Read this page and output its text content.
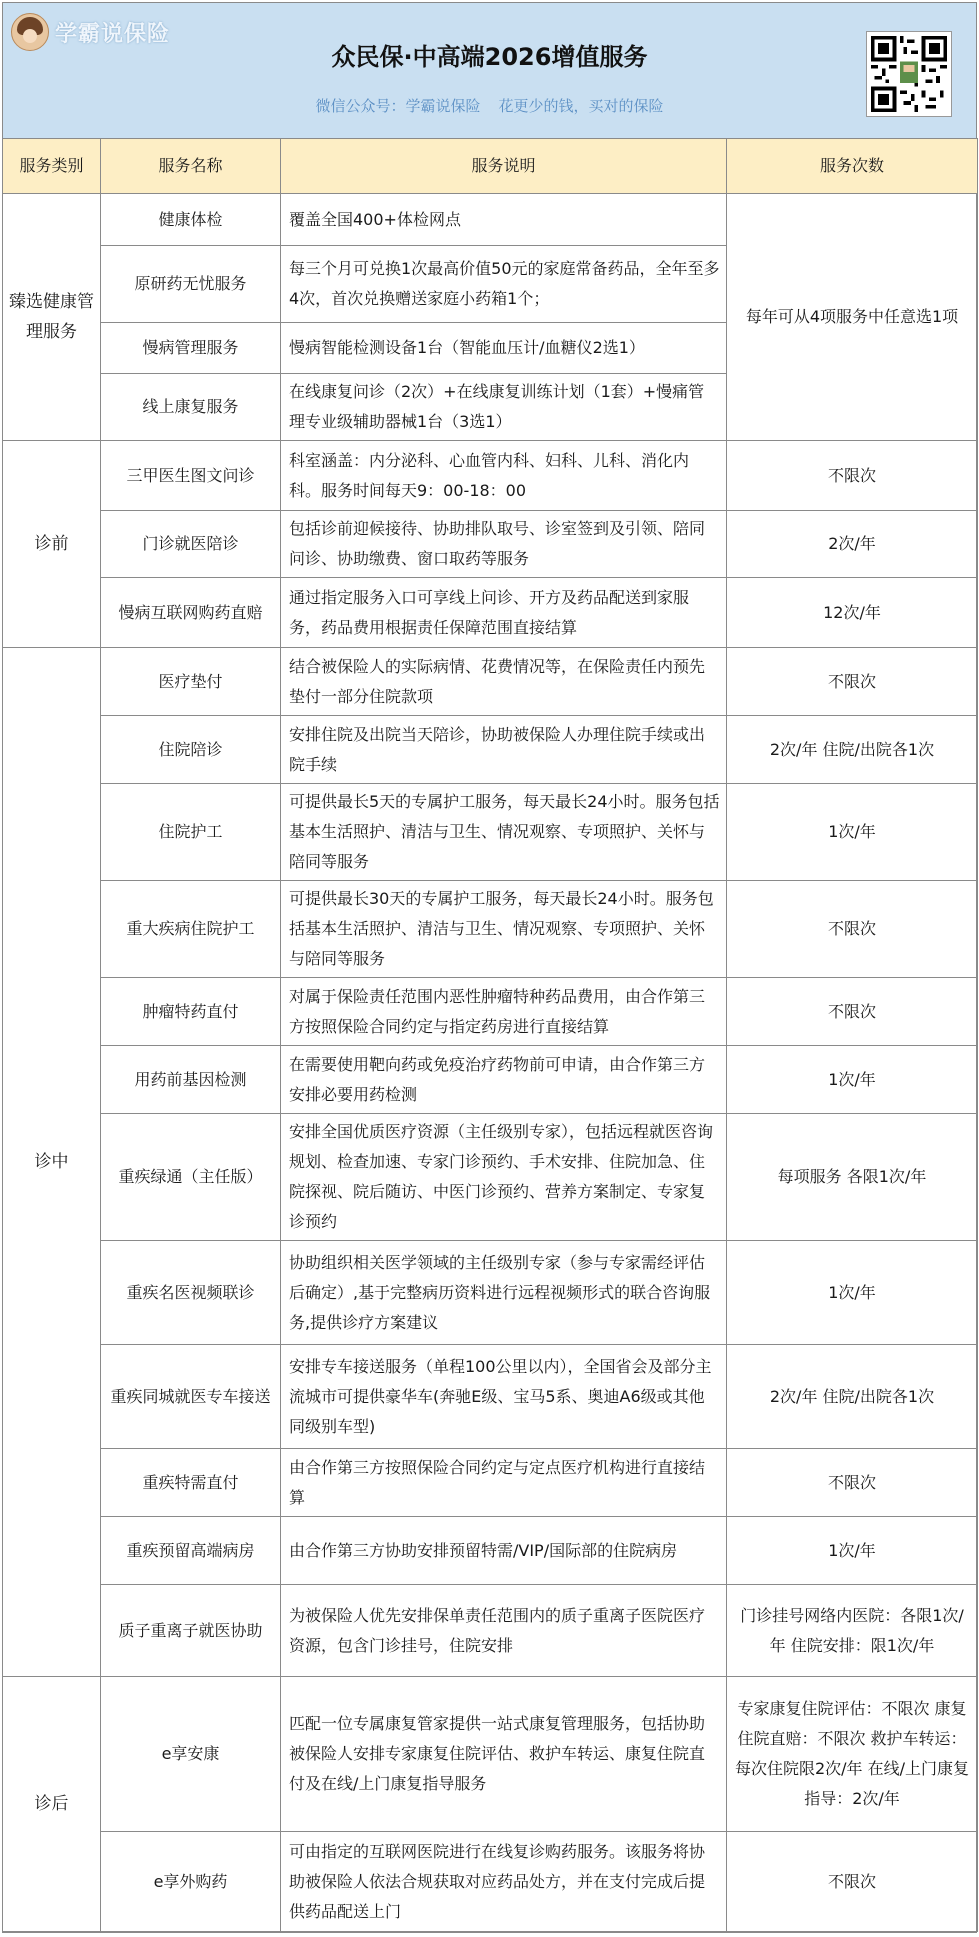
学霸说保险
众民保·中高端2026增值服务
微信公众号：学霸说保险 花更少的钱，买对的保险
服务类别	服务名称	服务说明	服务次数
臻选健康管理服务	健康体检	覆盖全国400+体检网点	每年可从4项服务中任意选1项
	原研药无忧服务	每三个月可兑换1次最高价值50元的家庭常备药品，全年至多4次，首次兑换赠送家庭小药箱1个；	
	慢病管理服务	慢病智能检测设备1台（智能血压计/血糖仪2选1）	
	线上康复服务	在线康复问诊（2次）+在线康复训练计划（1套）+慢痛管理专业级辅助器械1台（3选1）	
诊前	三甲医生图文问诊	科室涵盖：内分泌科、心血管内科、妇科、儿科、消化内科。服务时间每天9：00-18：00	不限次
	门诊就医陪诊	包括诊前迎候接待、协助排队取号、诊室签到及引领、陪同问诊、协助缴费、窗口取药等服务	2次/年
	慢病互联网购药直赔	通过指定服务入口可享线上问诊、开方及药品配送到家服务，药品费用根据责任保障范围直接结算	12次/年
诊中	医疗垫付	结合被保险人的实际病情、花费情况等，在保险责任内预先垫付一部分住院款项	不限次
	住院陪诊	安排住院及出院当天陪诊，协助被保险人办理住院手续或出院手续	2次/年 住院/出院各1次
	住院护工	可提供最长5天的专属护工服务，每天最长24小时。服务包括基本生活照护、清洁与卫生、情况观察、专项照护、关怀与陪同等服务	1次/年
	重大疾病住院护工	可提供最长30天的专属护工服务，每天最长24小时。服务包括基本生活照护、清洁与卫生、情况观察、专项照护、关怀与陪同等服务	不限次
	肿瘤特药直付	对属于保险责任范围内恶性肿瘤特种药品费用，由合作第三方按照保险合同约定与指定药房进行直接结算	不限次
	用药前基因检测	在需要使用靶向药或免疫治疗药物前可申请，由合作第三方安排必要用药检测	1次/年
	重疾绿通（主任版）	安排全国优质医疗资源（主任级别专家），包括远程就医咨询规划、检查加速、专家门诊预约、手术安排、住院加急、住院探视、院后随访、中医门诊预约、营养方案制定、专家复诊预约	每项服务 各限1次/年
	重疾名医视频联诊	协助组织相关医学领域的主任级别专家（参与专家需经评估后确定）,基于完整病历资料进行远程视频形式的联合咨询服务,提供诊疗方案建议	1次/年
	重疾同城就医专车接送	安排专车接送服务（单程100公里以内），全国省会及部分主流城市可提供豪华车(奔驰E级、宝马5系、奥迪A6级或其他同级别车型)	2次/年 住院/出院各1次
	重疾特需直付	由合作第三方按照保险合同约定与定点医疗机构进行直接结算	不限次
	重疾预留高端病房	由合作第三方协助安排预留特需/VIP/国际部的住院病房	1次/年
	质子重离子就医协助	为被保险人优先安排保单责任范围内的质子重离子医院医疗资源，包含门诊挂号，住院安排	门诊挂号网络内医院：各限1次/年 住院安排：限1次/年
诊后	e享安康	匹配一位专属康复管家提供一站式康复管理服务，包括协助被保险人安排专家康复住院评估、救护车转运、康复住院直付及在线/上门康复指导服务	专家康复住院评估：不限次 康复住院直赔：不限次 救护车转运：每次住院限2次/年 在线/上门康复指导：2次/年
	e享外购药	可由指定的互联网医院进行在线复诊购药服务。该服务将协助被保险人依法合规获取对应药品处方，并在支付完成后提供药品配送上门	不限次
